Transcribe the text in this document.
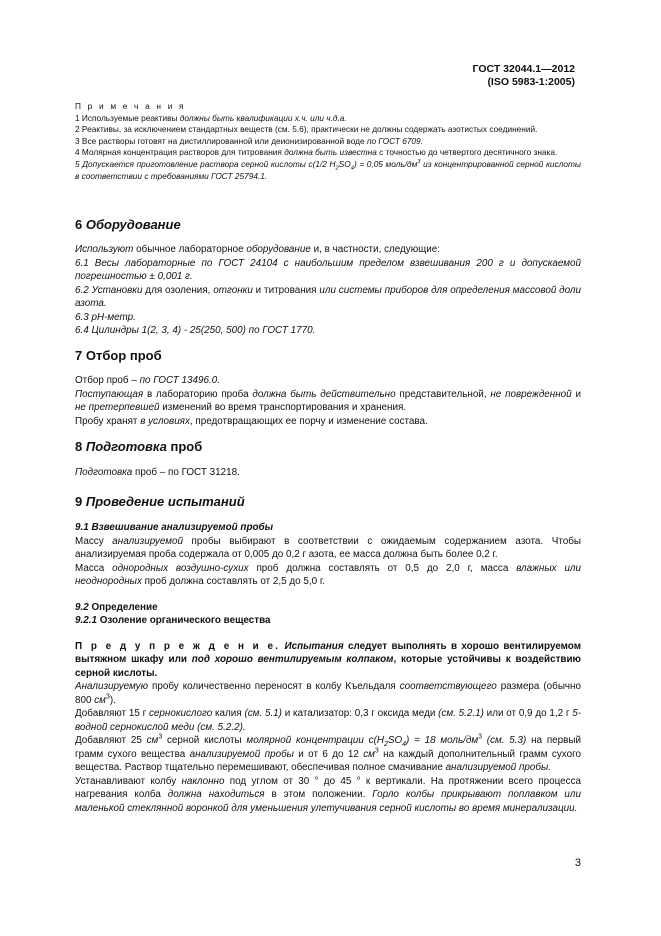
ГОСТ 32044.1—2012
(ISO 5983-1:2005)

П р и м е ч а н и я

1 Используемые реактивы должны быть квалификации х.ч. или ч.д.а.

2 Реактивы, за исключением стандартных веществ (см. 5.6), практически не должны содержать азотистых соединений.

3 Все растворы готовят на дистиллированной или деионизированной воде по ГОСТ 6709.

4 Молярная концентрация растворов для титрования должна быть известна с точностью до четвертого десятичного знака.

5 Допускается приготовление раствора серной кислоты с(1/2 $H_2SO_4) = 0,05$ моль/$дм^3$ из концентрированной серной кислоты в соответствии с требованиями ГОСТ 25794.1.

6 Оборудование

Используют обычное лабораторное оборудование и, в частности, следующие:

6.1 Весы лабораторные по ГОСТ 24104 с наибольшим пределом взвешивания 200 г и допускаемой погрешностью ± 0,001 г.

6.2 Установки для озоления, отгонки и титрования или системы приборов для определения массовой доли азота.

6.3 рН-метр.

6.4 Цилиндры 1(2, 3, 4) - 25(250, 500) по ГОСТ 1770.

7 Отбор проб

Отбор проб – по ГОСТ 13496.0.

Поступающая в лабораторию проба должна быть действительно представительной, не поврежденной и не претерпевшей изменений во время транспортирования и хранения.

Пробу хранят в условиях, предотвращающих ее порчу и изменение состава.

8 Подготовка проб

Подготовка проб – по ГОСТ 31218.

9 Проведение испытаний

9.1 Взвешивание анализируемой пробы

Массу анализируемой пробы выбирают в соответствии с ожидаемым содержанием азота. Чтобы анализируемая проба содержала от 0,005 до 0,2 г азота, ее масса должна быть более 0,2 г.

Масса однородных воздушно-сухих проб должна составлять от 0,5 до 2,0 г, масса влажных или неоднородных проб должна составлять от 2,5 до 5,0 г.

9.2 Определение

9.2.1 Озоление органического вещества

П р е д у п р е ж д е н и е. Испытания следует выполнять в хорошо вентилируемом вытяжном шкафу или под хорошо вентилируемым колпаком, которые устойчивы к воздействию серной кислоты.

Анализируемую пробу количественно переносят в колбу Къельдаля соответствующего размера (обычно 800 $см^3$).

Добавляют 15 г сернокислого калия (см. 5.1) и катализатор: 0,3 г оксида меди (см. 5.2.1) или от 0,9 до 1,2 г 5-водной сернокислой меди (см. 5.2.2).

Добавляют 25 $см^3$ серной кислоты молярной концентрации $с(H_2SO_4) = 18$ моль/$дм^3$ (см. 5.3) на первый грамм сухого вещества анализируемой пробы и от 6 до 12 $см^3$ на каждый дополнительный грамм сухого вещества. Раствор тщательно перемешивают, обеспечивая полное смачивание анализируемой пробы.

Устанавливают колбу наклонно под углом от 30 ° до 45 ° к вертикали. На протяжении всего процесса нагревания колба должна находиться в этом положении. Горло колбы прикрывают поплавком или маленькой стеклянной воронкой для уменьшения улетучивания серной кислоты во время минерализации.

3
